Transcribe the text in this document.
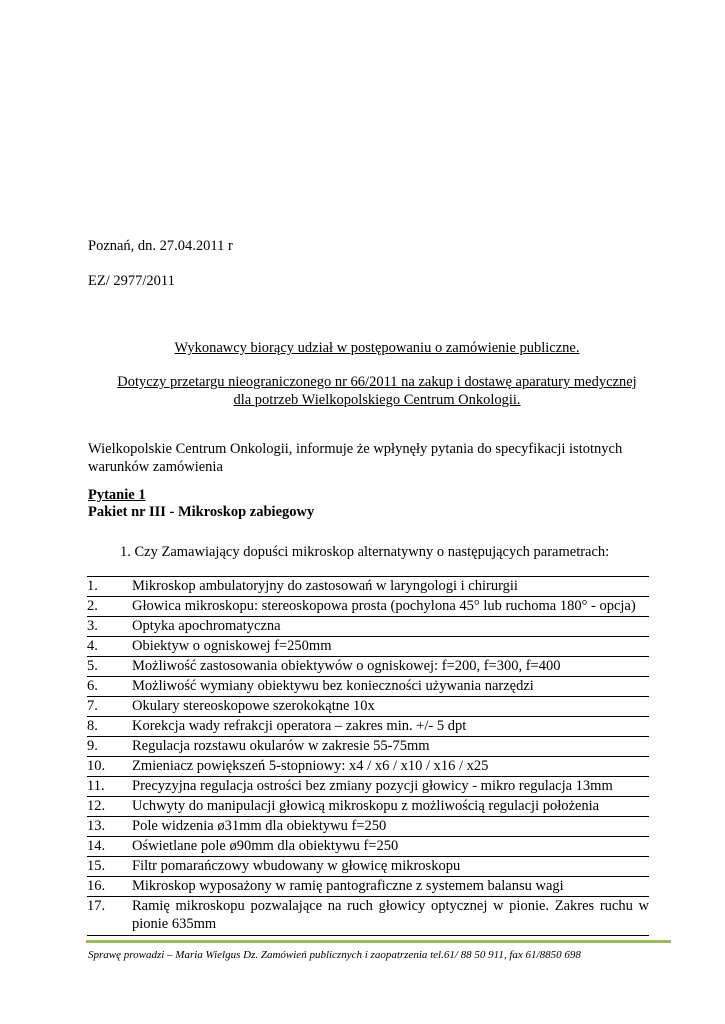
Poznań, dn. 27.04.2011 r
EZ/ 2977/2011
Wykonawcy biorący udział w postępowaniu o zamówienie publiczne.
Dotyczy przetargu nieograniczonego nr 66/2011 na zakup i dostawę aparatury medycznej
dla potrzeb Wielkopolskiego Centrum Onkologii.
Wielkopolskie Centrum Onkologii, informuje że wpłynęły pytania do specyfikacji istotnych
warunków zamówienia
Pytanie 1
Pakiet nr III - Mikroskop zabiegowy
1. Czy Zamawiający dopuści mikroskop alternatywny o następujących parametrach:
1.	Mikroskop ambulatoryjny do zastosowań w laryngologi i chirurgii
2.	Głowica mikroskopu: stereoskopowa prosta (pochylona 45° lub ruchoma 180° - opcja)
3.	Optyka apochromatyczna
4.	Obiektyw o ogniskowej f=250mm
5.	Możliwość zastosowania obiektywów o ogniskowej: f=200, f=300, f=400
6.	Możliwość wymiany obiektywu bez konieczności używania narzędzi
7.	Okulary stereoskopowe szerokokątne 10x
8.	Korekcja wady refrakcji operatora – zakres min. +/- 5 dpt
9.	Regulacja rozstawu okularów w zakresie 55-75mm
10.	Zmieniacz powiększeń 5-stopniowy: x4 / x6 / x10 / x16 / x25
11.	Precyzyjna regulacja ostrości bez zmiany pozycji głowicy - mikro regulacja 13mm
12.	Uchwyty do manipulacji głowicą mikroskopu z możliwością regulacji położenia
13.	Pole widzenia ø31mm dla obiektywu f=250
14.	Oświetlane pole ø90mm dla obiektywu f=250
15.	Filtr pomarańczowy wbudowany w głowicę mikroskopu
16.	Mikroskop wyposażony w ramię pantograficzne z systemem balansu wagi
17.	Ramię mikroskopu pozwalające na ruch głowicy optycznej w pionie. Zakres ruchu w pionie 635mm
Sprawę prowadzi – Maria Wielgus Dz. Zamówień publicznych i zaopatrzenia tel.61/ 88 50 911, fax 61/8850 698
